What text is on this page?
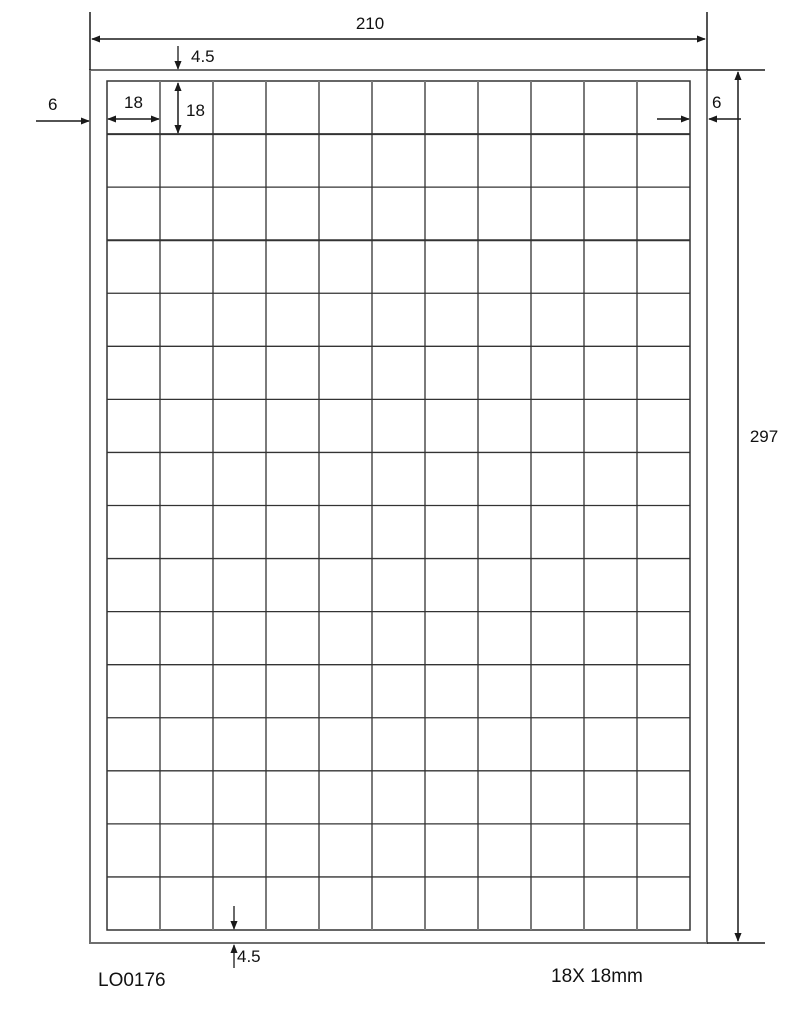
210
297
4.5
6	6
18	18
4.5
LO0176	18X 18mm
